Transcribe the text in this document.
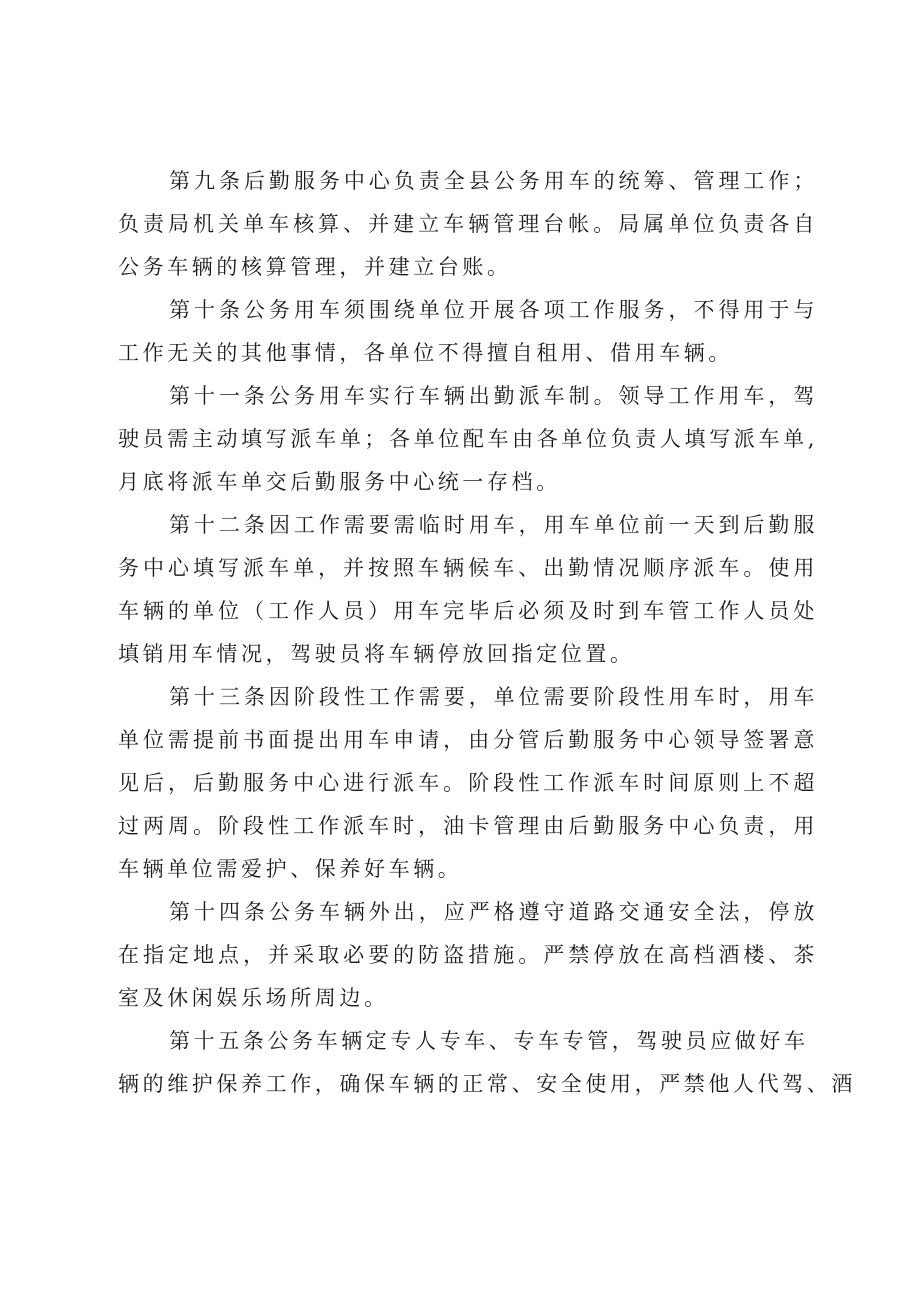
第九条后勤服务中心负责全县公务用车的统筹、管理工作；负责局机关单车核算、并建立车辆管理台帐。局属单位负责各自公务车辆的核算管理，并建立台账。

第十条公务用车须围绕单位开展各项工作服务，不得用于与工作无关的其他事情，各单位不得擅自租用、借用车辆。

第十一条公务用车实行车辆出勤派车制。领导工作用车，驾驶员需主动填写派车单；各单位配车由各单位负责人填写派车单,月底将派车单交后勤服务中心统一存档。

第十二条因工作需要需临时用车，用车单位前一天到后勤服务中心填写派车单，并按照车辆候车、出勤情况顺序派车。使用车辆的单位（工作人员）用车完毕后必须及时到车管工作人员处填销用车情况，驾驶员将车辆停放回指定位置。

第十三条因阶段性工作需要，单位需要阶段性用车时，用车单位需提前书面提出用车申请，由分管后勤服务中心领导签署意见后，后勤服务中心进行派车。阶段性工作派车时间原则上不超过两周。阶段性工作派车时，油卡管理由后勤服务中心负责，用车辆单位需爱护、保养好车辆。

第十四条公务车辆外出，应严格遵守道路交通安全法，停放在指定地点，并采取必要的防盗措施。严禁停放在高档酒楼、茶室及休闲娱乐场所周边。

第十五条公务车辆定专人专车、专车专管，驾驶员应做好车
辆的维护保养工作，确保车辆的正常、安全使用，严禁他人代驾、酒
